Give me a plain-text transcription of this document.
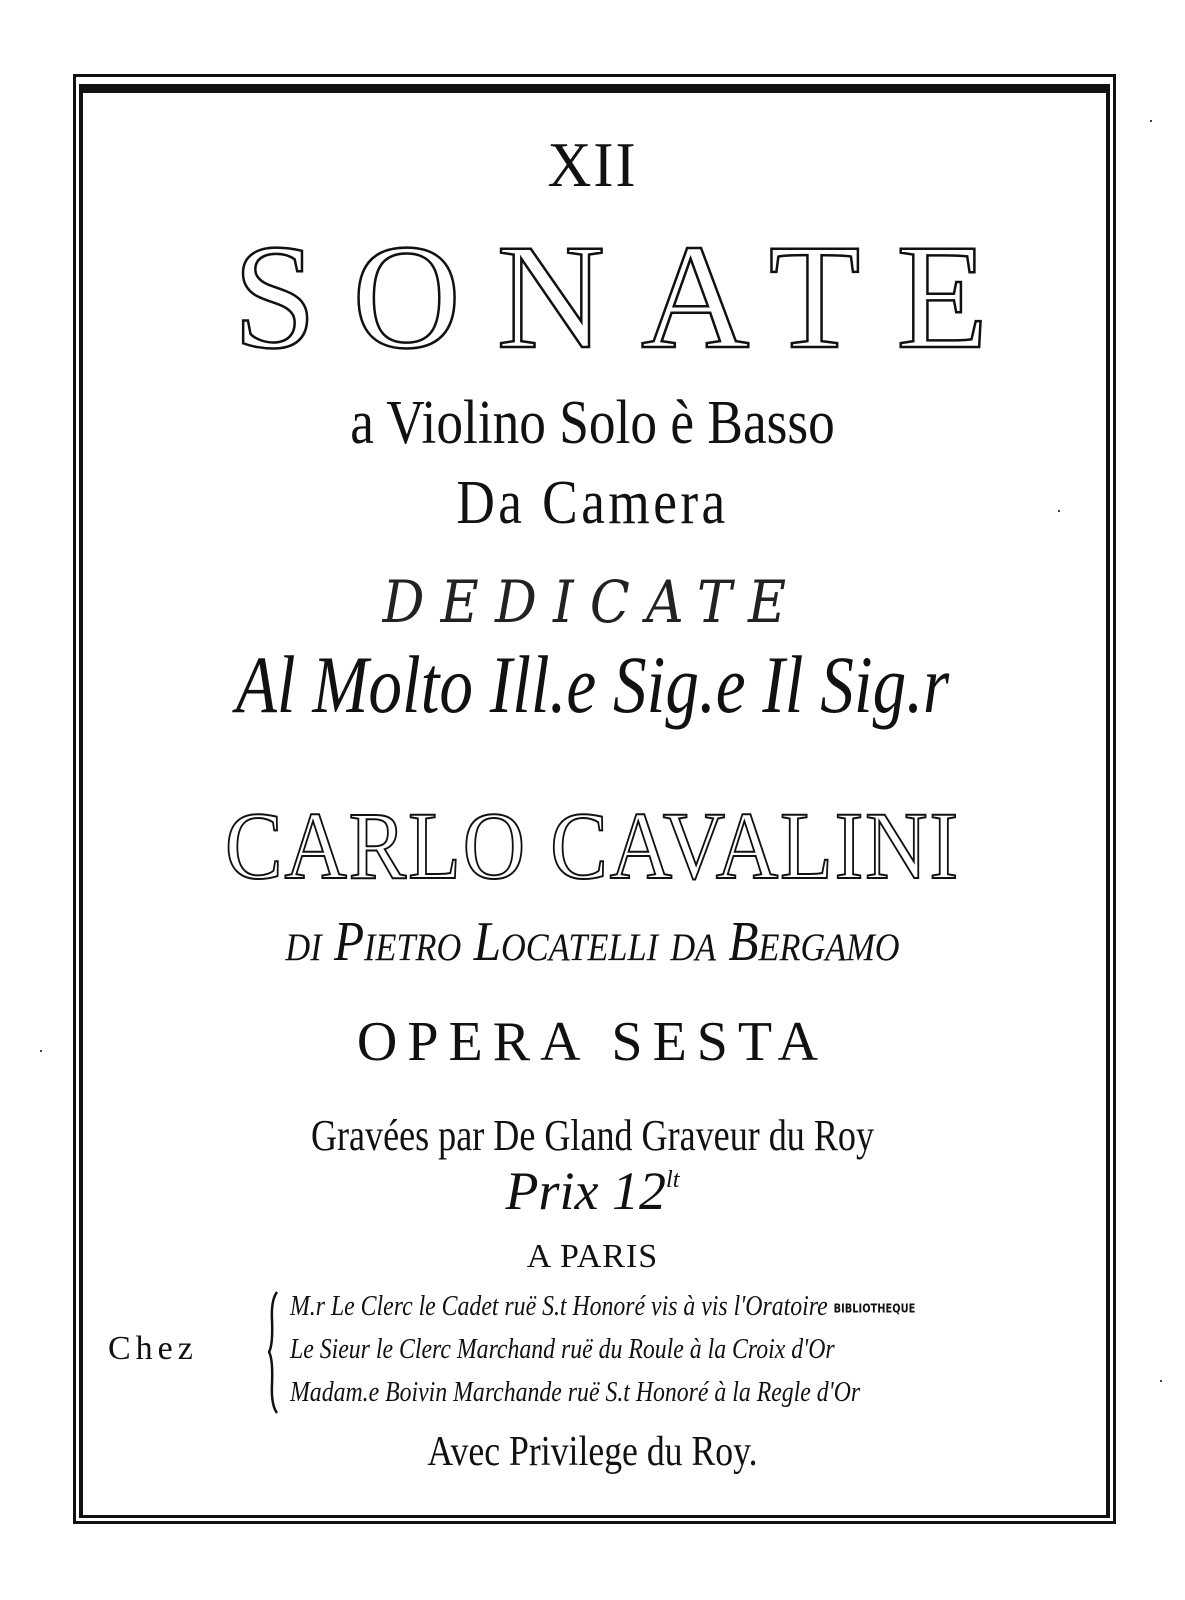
XII
SONATE
a Violino Solo è Basso
Da Camera
DEDICATE
Al Molto Ill.e Sig.e Il Sig.r
CARLO CAVALINI
di Pietro Locatelli da Bergamo
OPERA SESTA
Gravées par De Gland Graveur du Roy
Prix $12^{lt}$
A PARIS
Chez
M.r Le Clerc le Cadet ruë S.t Honoré vis à vis l'Oratoire BIBLIOTHEQUE
Le Sieur le Clerc Marchand ruë du Roule à la Croix d'Or
Madam.e Boivin Marchande ruë S.t Honoré à la Regle d'Or
Avec Privilege du Roy.
